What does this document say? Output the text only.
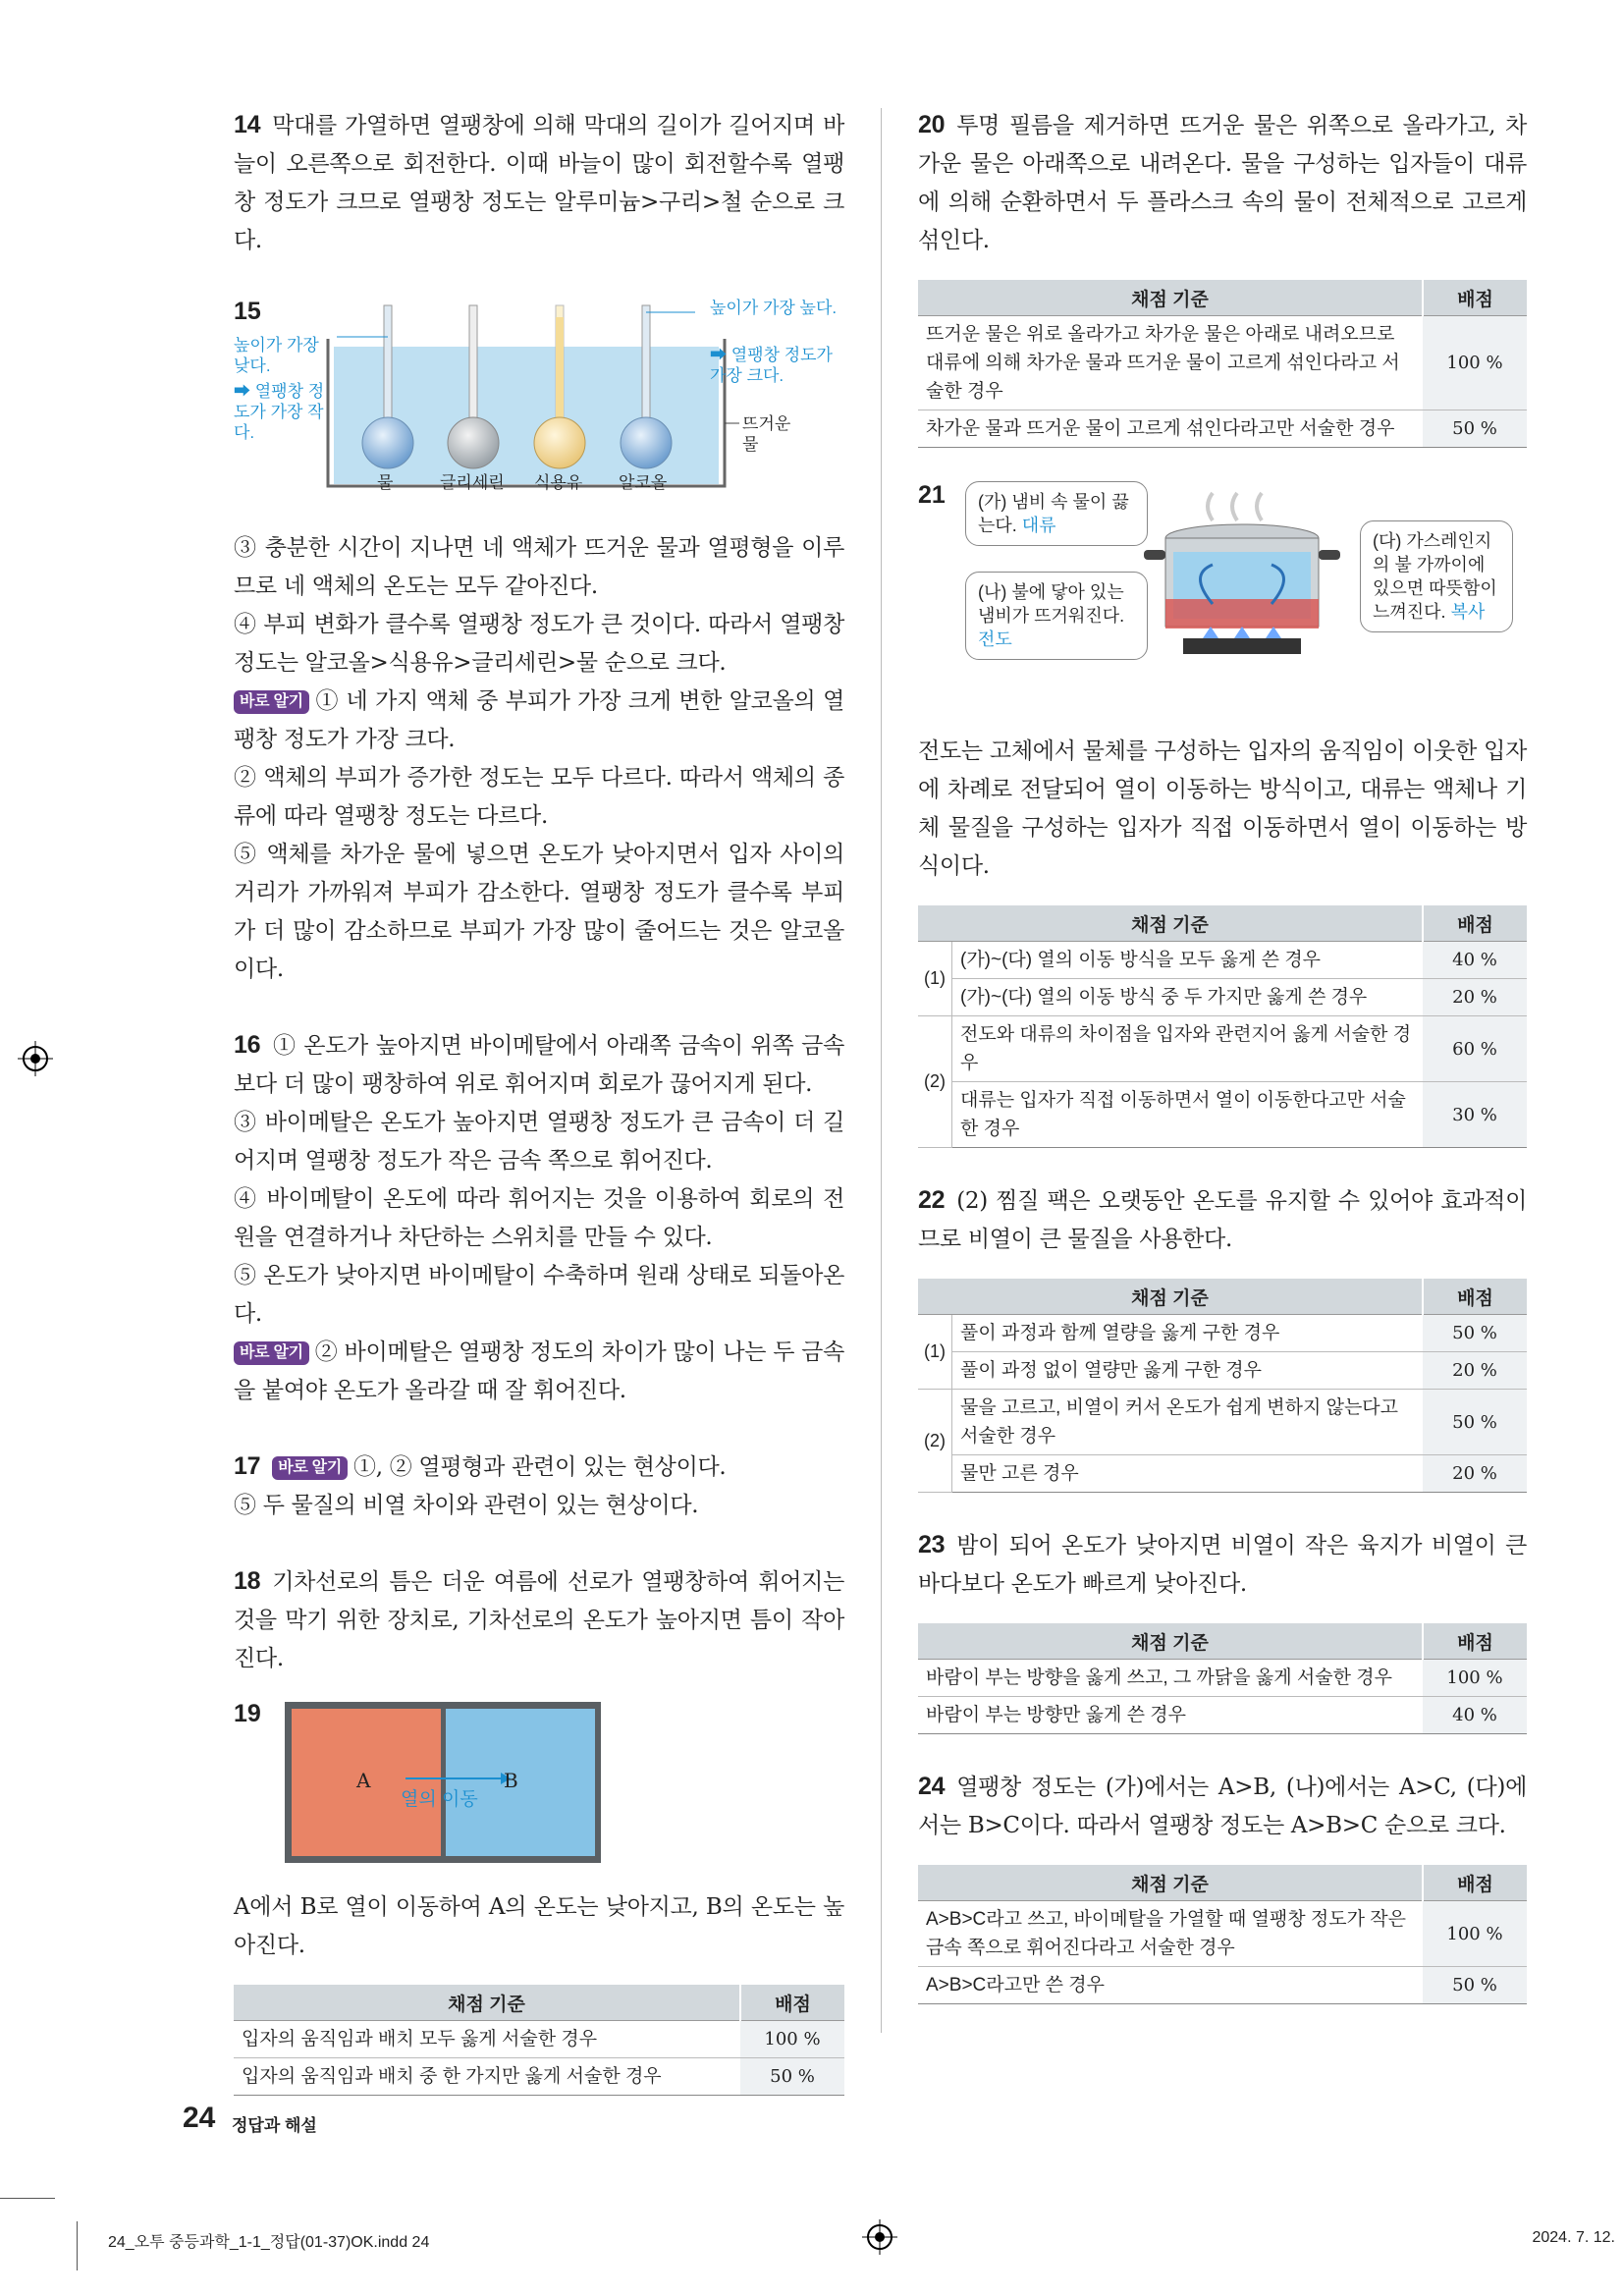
14 막대를 가열하면 열팽창에 의해 막대의 길이가 길어지며 바늘이 오른쪽으로 회전한다. 이때 바늘이 많이 회전할수록 열팽창 정도가 크므로 열팽창 정도는 알루미늄>구리>철 순으로 크다.

15
높이가 가장 낮다.
➡ 열팽창 정도가 가장 작다.
높이가 가장 높다.
➡ 열팽창 정도가 가장 크다.
뜨거운 물
물	글리세린 식용유 알코올

③ 충분한 시간이 지나면 네 액체가 뜨거운 물과 열평형을 이루므로 네 액체의 온도는 모두 같아진다.

④ 부피 변화가 클수록 열팽창 정도가 큰 것이다. 따라서 열팽창 정도는 알코올>식용유>글리세린>물 순으로 크다.

바로 알기 ① 네 가지 액체 중 부피가 가장 크게 변한 알코올의 열팽창 정도가 가장 크다.

② 액체의 부피가 증가한 정도는 모두 다르다. 따라서 액체의 종류에 따라 열팽창 정도는 다르다.

⑤ 액체를 차가운 물에 넣으면 온도가 낮아지면서 입자 사이의 거리가 가까워져 부피가 감소한다. 열팽창 정도가 클수록 부피가 더 많이 감소하므로 부피가 가장 많이 줄어드는 것은 알코올이다.

16 ① 온도가 높아지면 바이메탈에서 아래쪽 금속이 위쪽 금속보다 더 많이 팽창하여 위로 휘어지며 회로가 끊어지게 된다.

③ 바이메탈은 온도가 높아지면 열팽창 정도가 큰 금속이 더 길어지며 열팽창 정도가 작은 금속 쪽으로 휘어진다.

④ 바이메탈이 온도에 따라 휘어지는 것을 이용하여 회로의 전원을 연결하거나 차단하는 스위치를 만들 수 있다.

⑤ 온도가 낮아지면 바이메탈이 수축하며 원래 상태로 되돌아온다.

바로 알기 ② 바이메탈은 열팽창 정도의 차이가 많이 나는 두 금속을 붙여야 온도가 올라갈 때 잘 휘어진다.

17 바로 알기 ①, ② 열평형과 관련이 있는 현상이다.

⑤ 두 물질의 비열 차이와 관련이 있는 현상이다.

18 기차선로의 틈은 더운 여름에 선로가 열팽창하여 휘어지는 것을 막기 위한 장치로, 기차선로의 온도가 높아지면 틈이 작아진다.

19
A	B
열의 이동

A에서 B로 열이 이동하여 A의 온도는 낮아지고, B의 온도는 높아진다.

채점 기준	배점
입자의 움직임과 배치 모두 옳게 서술한 경우	100 %
입자의 움직임과 배치 중 한 가지만 옳게 서술한 경우	50 %

20 투명 필름을 제거하면 뜨거운 물은 위쪽으로 올라가고, 차가운 물은 아래쪽으로 내려온다. 물을 구성하는 입자들이 대류에 의해 순환하면서 두 플라스크 속의 물이 전체적으로 고르게 섞인다.

채점 기준	배점
뜨거운 물은 위로 올라가고 차가운 물은 아래로 내려오므로 대류에 의해 차가운 물과 뜨거운 물이 고르게 섞인다라고 서술한 경우	100 %
차가운 물과 뜨거운 물이 고르게 섞인다라고만 서술한 경우	50 %
21	(가) 냄비 속 물이 끓는다. 대류
(나) 불에 닿아 있는 냄비가 뜨거워진다. 전도
(다) 가스레인지의 불 가까이에 있으면 따뜻함이 느껴진다. 복사

전도는 고체에서 물체를 구성하는 입자의 움직임이 이웃한 입자에 차례로 전달되어 열이 이동하는 방식이고, 대류는 액체나 기체 물질을 구성하는 입자가 직접 이동하면서 열이 이동하는 방식이다.

채점 기준		배점
(1)	(가)~(다) 열의 이동 방식을 모두 옳게 쓴 경우	40 %
	(가)~(다) 열의 이동 방식 중 두 가지만 옳게 쓴 경우	20 %
(2)	전도와 대류의 차이점을 입자와 관련지어 옳게 서술한 경우	60 %
	대류는 입자가 직접 이동하면서 열이 이동한다고만 서술한 경우	30 %

22 (2) 찜질 팩은 오랫동안 온도를 유지할 수 있어야 효과적이므로 비열이 큰 물질을 사용한다.

채점 기준		배점
(1)	풀이 과정과 함께 열량을 옳게 구한 경우	50 %
	풀이 과정 없이 열량만 옳게 구한 경우	20 %
(2)	물을 고르고, 비열이 커서 온도가 쉽게 변하지 않는다고 서술한 경우	50 %
	물만 고른 경우	20 %

23 밤이 되어 온도가 낮아지면 비열이 작은 육지가 비열이 큰 바다보다 온도가 빠르게 낮아진다.

채점 기준	배점
바람이 부는 방향을 옳게 쓰고, 그 까닭을 옳게 서술한 경우	100 %
바람이 부는 방향만 옳게 쓴 경우	40 %

24 열팽창 정도는 (가)에서는 A>B, (나)에서는 A>C, (다)에서는 B>C이다. 따라서 열팽창 정도는 A>B>C 순으로 크다.

채점 기준	배점
A>B>C라고 쓰고, 바이메탈을 가열할 때 열팽창 정도가 작은 금속 쪽으로 휘어진다라고 서술한 경우	100 %
A>B>C라고만 쓴 경우	50 %
24 정답과 해설
24_오투 중등과학_1-1_정답(01-37)OK.indd 24	2024. 7. 12.
